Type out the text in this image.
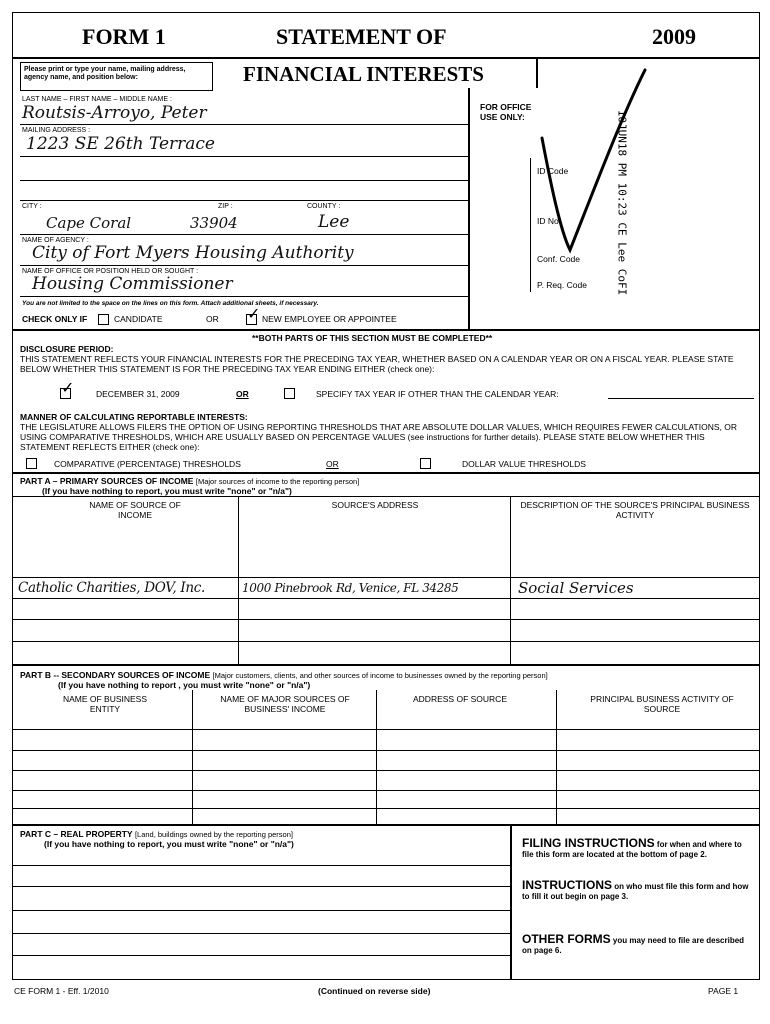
FORM 1	STATEMENT OF	2009
FINANCIAL INTERESTS
Please print or type your name, mailing address, agency name, and position below:
LAST NAME – FIRST NAME – MIDDLE NAME :
Routsis-Arroyo, Peter
MAILING ADDRESS :
1223 SE 26th Terrace
CITY :	ZIP :	COUNTY :
Cape Coral	33904	Lee
NAME OF AGENCY :
City of Fort Myers Housing Authority
NAME OF OFFICE OR POSITION HELD OR SOUGHT :
Housing Commissioner
You are not limited to the space on the lines on this form. Attach additional sheets, if necessary.
CHECK ONLY IF	CANDIDATE	OR
✓	NEW EMPLOYEE OR APPOINTEE
FOR OFFICE
USE ONLY:
ID Code
ID No.
Conf. Code
P. Req. Code	10JUN18 PM 10:23 CE Lee CoFI
**BOTH PARTS OF THIS SECTION MUST BE COMPLETED**
DISCLOSURE PERIOD:
THIS STATEMENT REFLECTS YOUR FINANCIAL INTERESTS FOR THE PRECEDING TAX YEAR, WHETHER BASED ON A CALENDAR YEAR OR ON A FISCAL YEAR. PLEASE STATE BELOW WHETHER THIS STATEMENT IS FOR THE PRECEDING TAX YEAR ENDING EITHER (check one):
✓
DECEMBER 31, 2009	OR	SPECIFY TAX YEAR IF OTHER THAN THE CALENDAR YEAR:
MANNER OF CALCULATING REPORTABLE INTERESTS:
THE LEGISLATURE ALLOWS FILERS THE OPTION OF USING REPORTING THRESHOLDS THAT ARE ABSOLUTE DOLLAR VALUES, WHICH REQUIRES FEWER CALCULATIONS, OR USING COMPARATIVE THRESHOLDS, WHICH ARE USUALLY BASED ON PERCENTAGE VALUES (see instructions for further details). PLEASE STATE BELOW WHETHER THIS STATEMENT REFLECTS EITHER (check one):
COMPARATIVE (PERCENTAGE) THRESHOLDS	OR	DOLLAR VALUE THRESHOLDS
PART A – PRIMARY SOURCES OF INCOME [Major sources of income to the reporting person]
(If you have nothing to report, you must write "none" or "n/a")
NAME OF SOURCE OF INCOME
SOURCE'S ADDRESS	DESCRIPTION OF THE SOURCE'S PRINCIPAL BUSINESS ACTIVITY
Catholic Charities, DOV, Inc.	1000 Pinebrook Rd, Venice, FL 34285	Social Services
PART B -- SECONDARY SOURCES OF INCOME [Major customers, clients, and other sources of income to businesses owned by the reporting person]
(If you have nothing to report , you must write "none" or "n/a")
NAME OF BUSINESS ENTITY
NAME OF MAJOR SOURCES OF BUSINESS' INCOME
ADDRESS OF SOURCE	PRINCIPAL BUSINESS ACTIVITY OF SOURCE
PART C – REAL PROPERTY [Land, buildings owned by the reporting person]
(If you have nothing to report, you must write "none" or "n/a")	FILING INSTRUCTIONS for when and where to file this form are located at the bottom of page 2.
INSTRUCTIONS on who must file this form and how to fill it out begin on page 3.
OTHER FORMS you may need to file are described on page 6.
CE FORM 1 - Eff. 1/2010	(Continued on reverse side)	PAGE 1
